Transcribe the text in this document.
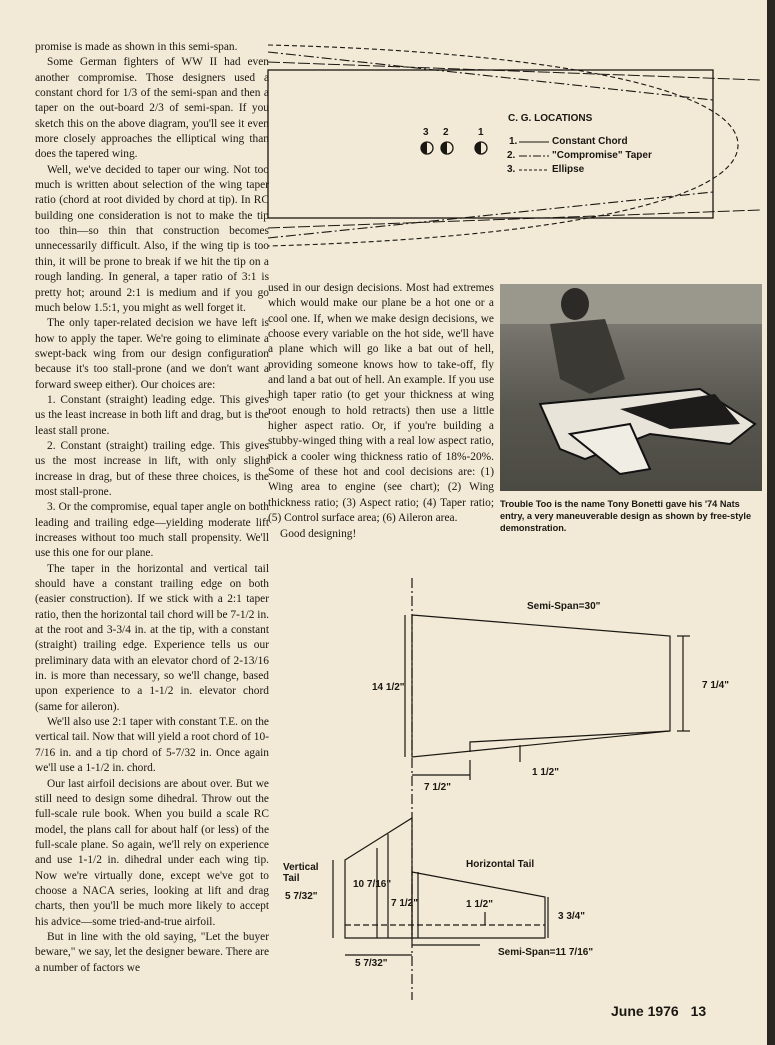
promise is made as shown in this semi-span.

Some German fighters of WW II had even another compromise. Those designers used a constant chord for 1/3 of the semi-span and then a taper on the out-board 2/3 of semi-span. If you sketch this on the above diagram, you'll see it even more closely approaches the elliptical wing than does the tapered wing.

Well, we've decided to taper our wing. Not too much is written about selection of the wing taper ratio (chord at root divided by chord at tip). In RC building one consideration is not to make the tip too thin—so thin that construction becomes unnecessarily difficult. Also, if the wing tip is too thin, it will be prone to break if we hit the tip on a rough landing. In general, a taper ratio of 3:1 is pretty hot; around 2:1 is medium and if you go much below 1.5:1, you might as well forget it.

The only taper-related decision we have left is how to apply the taper. We're going to eliminate a swept-back wing from our design configuration because it's too stall-prone (and we don't want a forward sweep either). Our choices are:

1. Constant (straight) leading edge. This gives us the least increase in both lift and drag, but is the least stall prone.

2. Constant (straight) trailing edge. This gives us the most increase in lift, with only slight increase in drag, but of these three choices, is the most stall-prone.

3. Or the compromise, equal taper angle on both leading and trailing edge—yielding moderate lift increases without too much stall propensity. We'll use this one for our plane.

The taper in the horizontal and vertical tail should have a constant trailing edge on both (easier construction). If we stick with a 2:1 taper ratio, then the horizontal tail chord will be 7-1/2 in. at the root and 3-3/4 in. at the tip, with a constant (straight) trailing edge. Experience tells us our preliminary data with an elevator chord of 2-13/16 in. is more than necessary, so we'll change, based upon experience to a 1-1/2 in. elevator chord (same for aileron).

We'll also use 2:1 taper with constant T.E. on the vertical tail. Now that will yield a root chord of 10-7/16 in. and a tip chord of 5-7/32 in. Once again we'll use a 1-1/2 in. chord.

Our last airfoil decisions are about over. But we still need to design some dihedral. Throw out the full-scale rule book. When you build a scale RC model, the plans call for about half (or less) of the full-scale plane. So again, we'll rely on experience and use 1-1/2 in. dihedral under each wing tip. Now we're virtually done, except we've got to choose a NACA series, looking at lift and drag charts, then you'll be much more likely to accept his advice—some tried-and-true airfoil.

But in line with the old saying, "Let the buyer beware," we say, let the designer beware. There are a number of factors we

used in our design decisions. Most had extremes which would make our plane be a hot one or a cool one. If, when we make design decisions, we choose every variable on the hot side, we'll have a plane which will go like a bat out of hell, providing someone knows how to take-off, fly and land a bat out of hell. An example. If you use high taper ratio (to get your thickness at wing root enough to hold retracts) then use a little higher aspect ratio. Or, if you're building a stubby-winged thing with a real low aspect ratio, pick a cooler wing thickness ratio of 18%-20%. Some of these hot and cool decisions are: (1) Wing area to engine (see chart); (2) Wing thickness ratio; (3) Aspect ratio; (4) Taper ratio; (5) Control surface area; (6) Aileron area.

Good designing!

C. G. LOCATIONS
3 2	1
1.	Constant Chord
2.	"Compromise" Taper
3.	Ellipse
Trouble Too is the name Tony Bonetti gave his '74 Nats entry, a very maneuverable design as shown by free-style demonstration.
Semi-Span=30"
14 1/2"	7 1/4"
7 1/2"
1 1/2"
Vertical Tail
5 7/32"
10 7/16"
5 7/32"
Horizontal Tail
7 1/2"	1 1/2"
3 3/4"
Semi-Span=11 7/16"
June 1976 13
